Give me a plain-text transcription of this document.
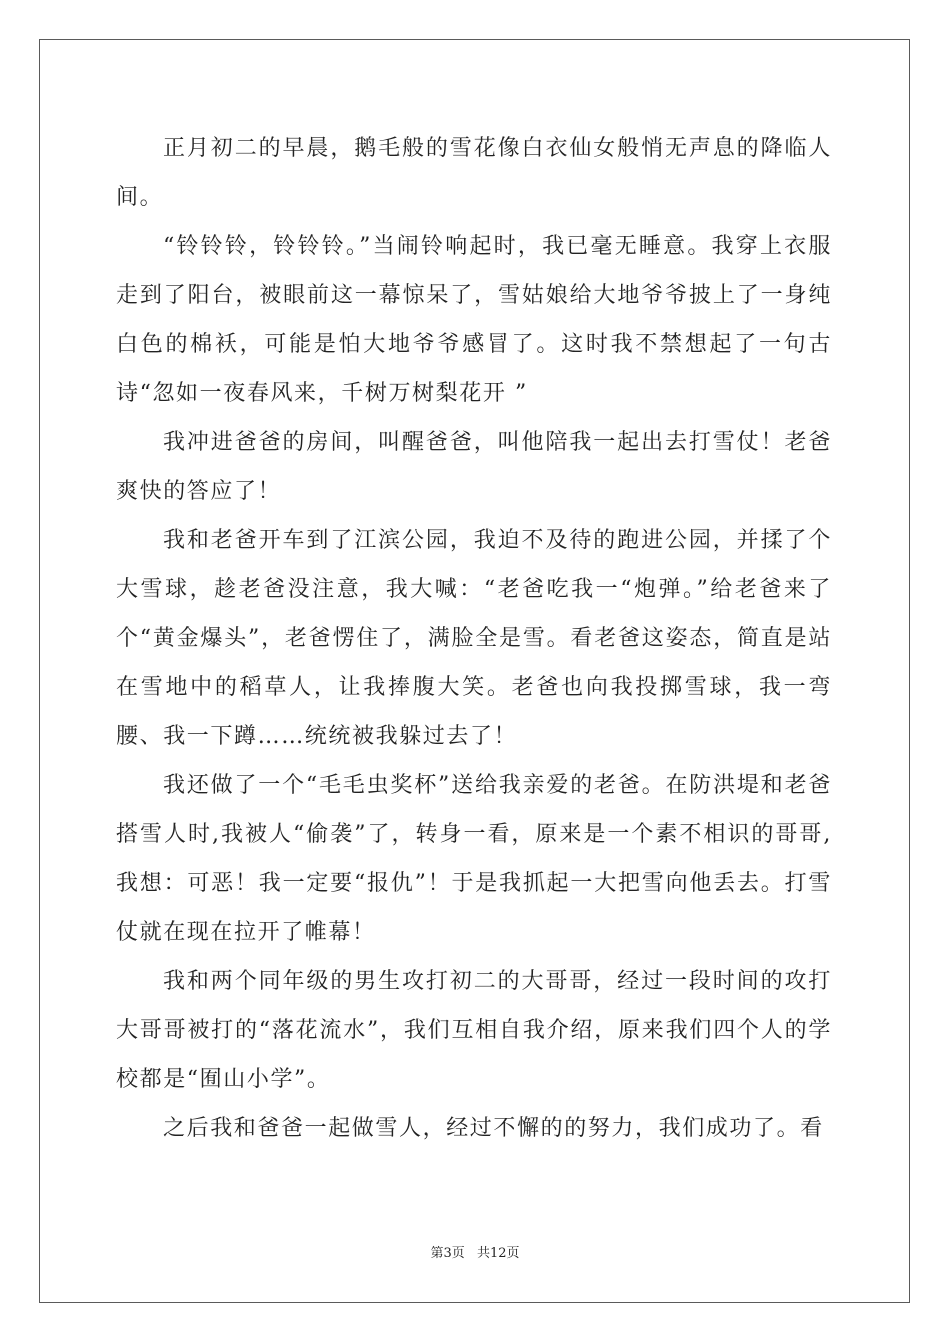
正月初二的早晨，鹅毛般的雪花像白衣仙女般悄无声息的降临人间。

“铃铃铃，铃铃铃。”当闹铃响起时，我已毫无睡意。我穿上衣服走到了阳台，被眼前这一幕惊呆了，雪姑娘给大地爷爷披上了一身纯白色的棉袄，可能是怕大地爷爷感冒了。这时我不禁想起了一句古诗“忽如一夜春风来，千树万树梨花开 ”

我冲进爸爸的房间，叫醒爸爸，叫他陪我一起出去打雪仗！老爸爽快的答应了！

我和老爸开车到了江滨公园，我迫不及待的跑进公园，并揉了个大雪球，趁老爸没注意，我大喊：“老爸吃我一“炮弹。”给老爸来了个“黄金爆头”，老爸愣住了，满脸全是雪。看老爸这姿态，简直是站在雪地中的稻草人，让我捧腹大笑。老爸也向我投掷雪球，我一弯腰、我一下蹲……统统被我躲过去了！

我还做了一个“毛毛虫奖杯”送给我亲爱的老爸。在防洪堤和老爸搭雪人时,我被人“偷袭”了，转身一看，原来是一个素不相识的哥哥,我想：可恶！我一定要“报仇”！于是我抓起一大把雪向他丢去。打雪仗就在现在拉开了帷幕！

我和两个同年级的男生攻打初二的大哥哥，经过一段时间的攻打大哥哥被打的“落花流水”，我们互相自我介绍，原来我们四个人的学校都是“囿山小学”。

之后我和爸爸一起做雪人，经过不懈的的努力，我们成功了。看

第3页 共12页
